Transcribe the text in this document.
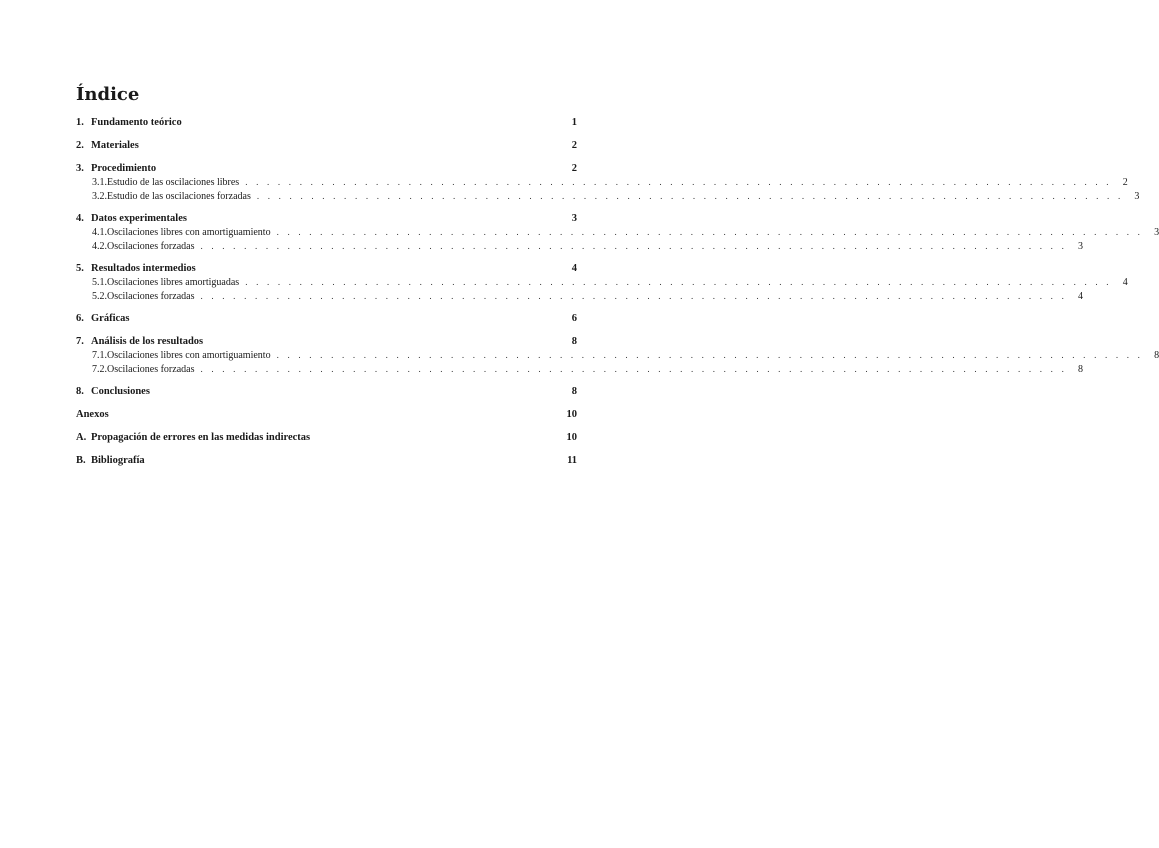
Índice
1. Fundamento teórico	1
2. Materiales	2
3. Procedimiento	2
3.1. Estudio de las oscilaciones libres . . . . . . . . . . . . . . . . . . . . . . . . . . . . . . . . . . . . . . . . . . . . . . . . . . . . . . . . . . . . . . . . . . . . . . . . . . . . . . . .	2
3.2. Estudio de las oscilaciones forzadas . . . . . . . . . . . . . . . . . . . . . . . . . . . . . . . . . . . . . . . . . . . . . . . . . . . . . . . . . . . . . . . . . . . . . . . . . . . . . . . .	3
4. Datos experimentales	3
4.1. Oscilaciones libres con amortiguamiento . . . . . . . . . . . . . . . . . . . . . . . . . . . . . . . . . . . . . . . . . . . . . . . . . . . . . . . . . . . . . . . . . . . . . . . . . . . . . . . .	3
4.2. Oscilaciones forzadas . . . . . . . . . . . . . . . . . . . . . . . . . . . . . . . . . . . . . . . . . . . . . . . . . . . . . . . . . . . . . . . . . . . . . . . . . . . . . . . .	3
5. Resultados intermedios	4
5.1. Oscilaciones libres amortiguadas . . . . . . . . . . . . . . . . . . . . . . . . . . . . . . . . . . . . . . . . . . . . . . . . . . . . . . . . . . . . . . . . . . . . . . . . . . . . . . . .	4
5.2. Oscilaciones forzadas . . . . . . . . . . . . . . . . . . . . . . . . . . . . . . . . . . . . . . . . . . . . . . . . . . . . . . . . . . . . . . . . . . . . . . . . . . . . . . . .	4
6. Gráficas	6
7. Análisis de los resultados	8
7.1. Oscilaciones libres con amortiguamiento . . . . . . . . . . . . . . . . . . . . . . . . . . . . . . . . . . . . . . . . . . . . . . . . . . . . . . . . . . . . . . . . . . . . . . . . . . . . . . . .	8
7.2. Oscilaciones forzadas . . . . . . . . . . . . . . . . . . . . . . . . . . . . . . . . . . . . . . . . . . . . . . . . . . . . . . . . . . . . . . . . . . . . . . . . . . . . . . . .	8
8. Conclusiones	8
Anexos	10
A. Propagación de errores en las medidas indirectas	10
B. Bibliografía	11
